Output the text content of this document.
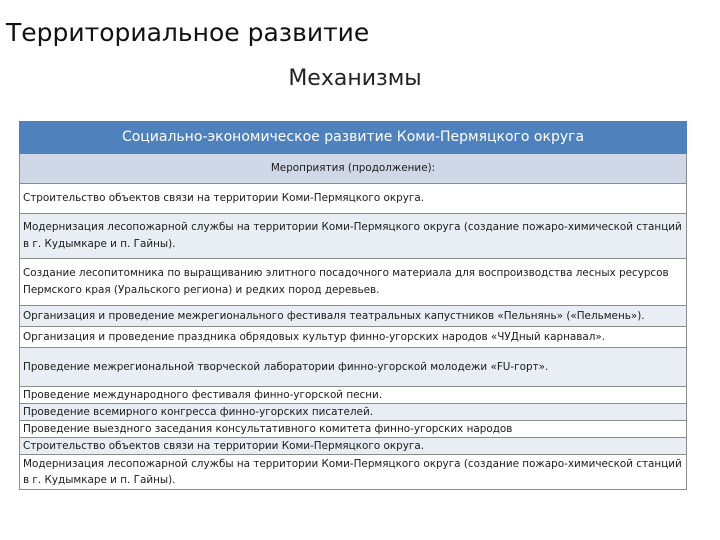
Территориальное развитие
Механизмы
Социально-экономическое развитие Коми-Пермяцкого округа
Мероприятия (продолжение):
Строительство объектов связи на территории Коми-Пермяцкого округа.
Модернизация лесопожарной службы на территории Коми-Пермяцкого округа (создание пожаро-химической станций в г. Кудымкаре и п. Гайны).
Создание лесопитомника по выращиванию элитного посадочного материала для воспроизводства лесных ресурсов Пермского края (Уральского региона) и редких пород деревьев.
Организация и проведение межрегионального фестиваля театральных капустников «Пельнянь» («Пельмень»).
Организация и проведение праздника обрядовых культур финно-угорских народов «ЧУДный карнавал».
Проведение межрегиональной творческой лаборатории финно-угорской молодежи «FU-горт».
Проведение международного фестиваля финно-угорской песни.
Проведение всемирного конгресса финно-угорских писателей.
Проведение выездного заседания консультативного комитета финно-угорских народов
Строительство объектов связи на территории Коми-Пермяцкого округа.
Модернизация лесопожарной службы на территории Коми-Пермяцкого округа (создание пожаро-химической станций в г. Кудымкаре и п. Гайны).
